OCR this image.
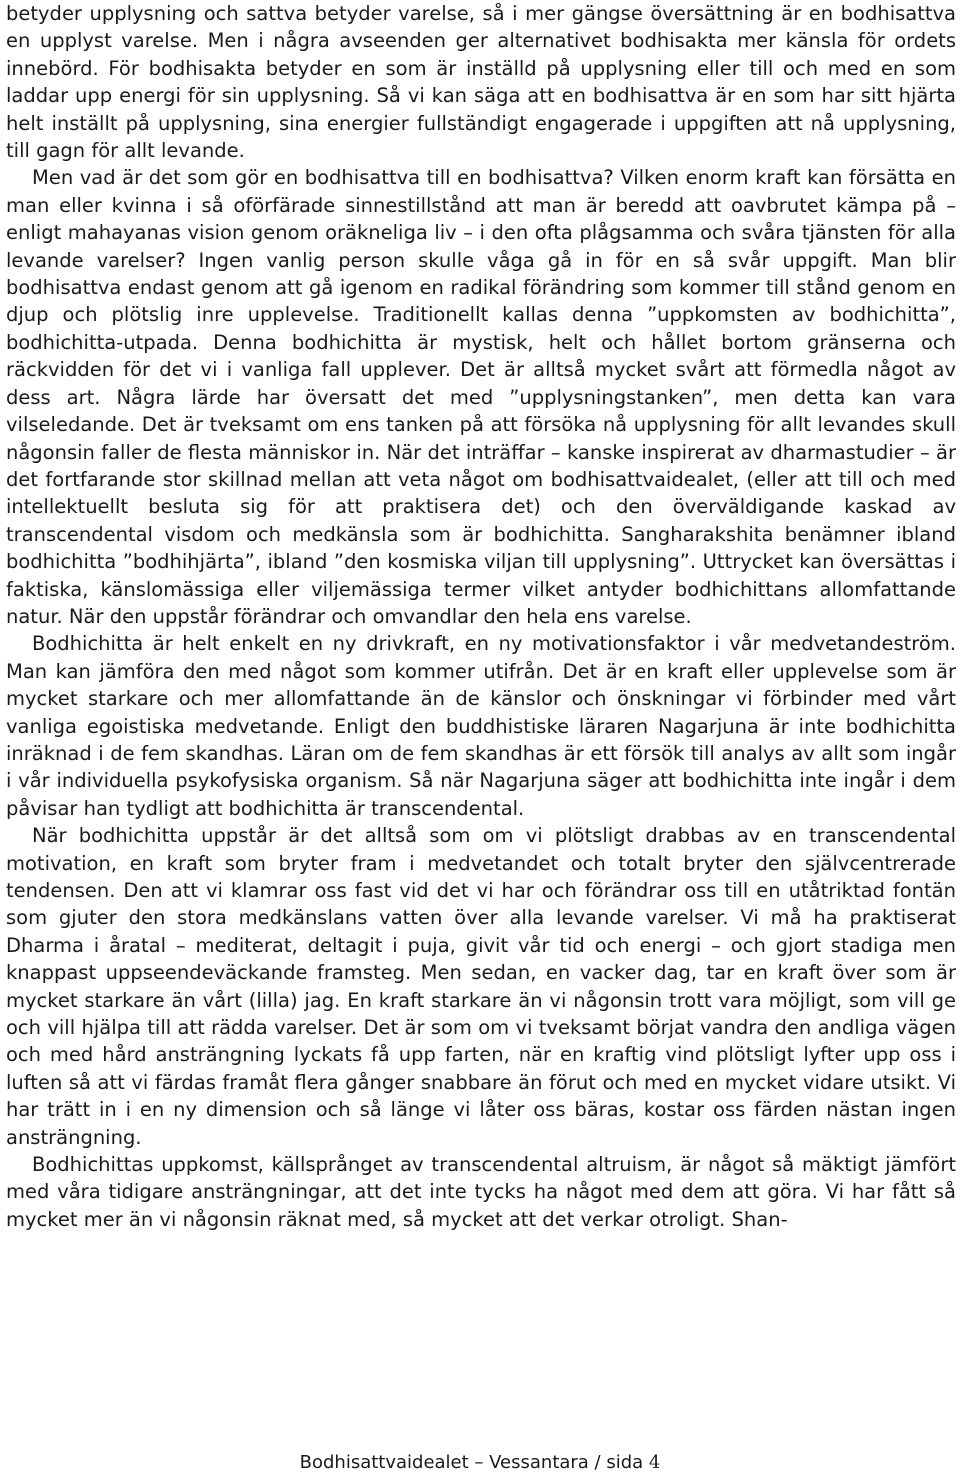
betyder upplysning och sattva betyder varelse, så i mer gängse översättning är en bodhisattva en upplyst varelse. Men i några avseenden ger alternativet bodhisakta mer känsla för ordets innebörd. För bodhisakta betyder en som är inställd på upplysning eller till och med en som laddar upp energi för sin upplysning. Så vi kan säga att en bodhisattva är en som har sitt hjärta helt inställt på upplysning, sina energier fullständigt engagerade i uppgiften att nå upplysning, till gagn för allt levande.

Men vad är det som gör en bodhisattva till en bodhisattva? Vilken enorm kraft kan försätta en man eller kvinna i så oförfärade sinnestillstånd att man är beredd att oavbrutet kämpa på – enligt mahayanas vision genom oräkneliga liv – i den ofta plågsamma och svåra tjänsten för alla levande varelser? Ingen vanlig person skulle våga gå in för en så svår uppgift. Man blir bodhisattva endast genom att gå igenom en radikal förändring som kommer till stånd genom en djup och plötslig inre upplevelse. Traditionellt kallas denna ”uppkomsten av bodhichitta”, bodhichitta-utpada. Denna bodhichitta är mystisk, helt och hållet bortom gränserna och räckvidden för det vi i vanliga fall upplever. Det är alltså mycket svårt att förmedla något av dess art. Några lärde har översatt det med ”upplysningstanken”, men detta kan vara vilseledande. Det är tveksamt om ens tanken på att försöka nå upplysning för allt levandes skull någonsin faller de flesta människor in. När det inträffar – kanske inspirerat av dharmastudier – är det fortfarande stor skillnad mellan att veta något om bodhisattvaidealet, (eller att till och med intellektuellt besluta sig för att praktisera det) och den överväldigande kaskad av transcendental visdom och medkänsla som är bodhichitta. Sangharakshita benämner ibland bodhichitta ”bodhihjärta”, ibland ”den kosmiska viljan till upplysning”. Uttrycket kan översättas i faktiska, känslomässiga eller viljemässiga termer vilket antyder bodhichittans allomfattande natur. När den uppstår förändrar och omvandlar den hela ens varelse.

Bodhichitta är helt enkelt en ny drivkraft, en ny motivationsfaktor i vår medvetandeström. Man kan jämföra den med något som kommer utifrån. Det är en kraft eller upplevelse som är mycket starkare och mer allomfattande än de känslor och önskningar vi förbinder med vårt vanliga egoistiska medvetande. Enligt den buddhistiske läraren Nagarjuna är inte bodhichitta inräknad i de fem skandhas. Läran om de fem skandhas är ett försök till analys av allt som ingår i vår individuella psykofysiska organism. Så när Nagarjuna säger att bodhichitta inte ingår i dem påvisar han tydligt att bodhichitta är transcendental.

När bodhichitta uppstår är det alltså som om vi plötsligt drabbas av en transcendental motivation, en kraft som bryter fram i medvetandet och totalt bryter den självcentrerade tendensen. Den att vi klamrar oss fast vid det vi har och förändrar oss till en utåtriktad fontän som gjuter den stora medkänslans vatten över alla levande varelser. Vi må ha praktiserat Dharma i åratal – mediterat, deltagit i puja, givit vår tid och energi – och gjort stadiga men knappast uppseendeväckande framsteg. Men sedan, en vacker dag, tar en kraft över som är mycket starkare än vårt (lilla) jag. En kraft starkare än vi någonsin trott vara möjligt, som vill ge och vill hjälpa till att rädda varelser. Det är som om vi tveksamt börjat vandra den andliga vägen och med hård ansträngning lyckats få upp farten, när en kraftig vind plötsligt lyfter upp oss i luften så att vi färdas framåt flera gånger snabbare än förut och med en mycket vidare utsikt. Vi har trätt in i en ny dimension och så länge vi låter oss bäras, kostar oss färden nästan ingen ansträngning.

Bodhichittas uppkomst, källsprånget av transcendental altruism, är något så mäktigt jämfört med våra tidigare ansträngningar, att det inte tycks ha något med dem att göra. Vi har fått så mycket mer än vi någonsin räknat med, så mycket att det verkar otroligt. Shan-

Bodhisattvaidealet – Vessantara / sida 4
